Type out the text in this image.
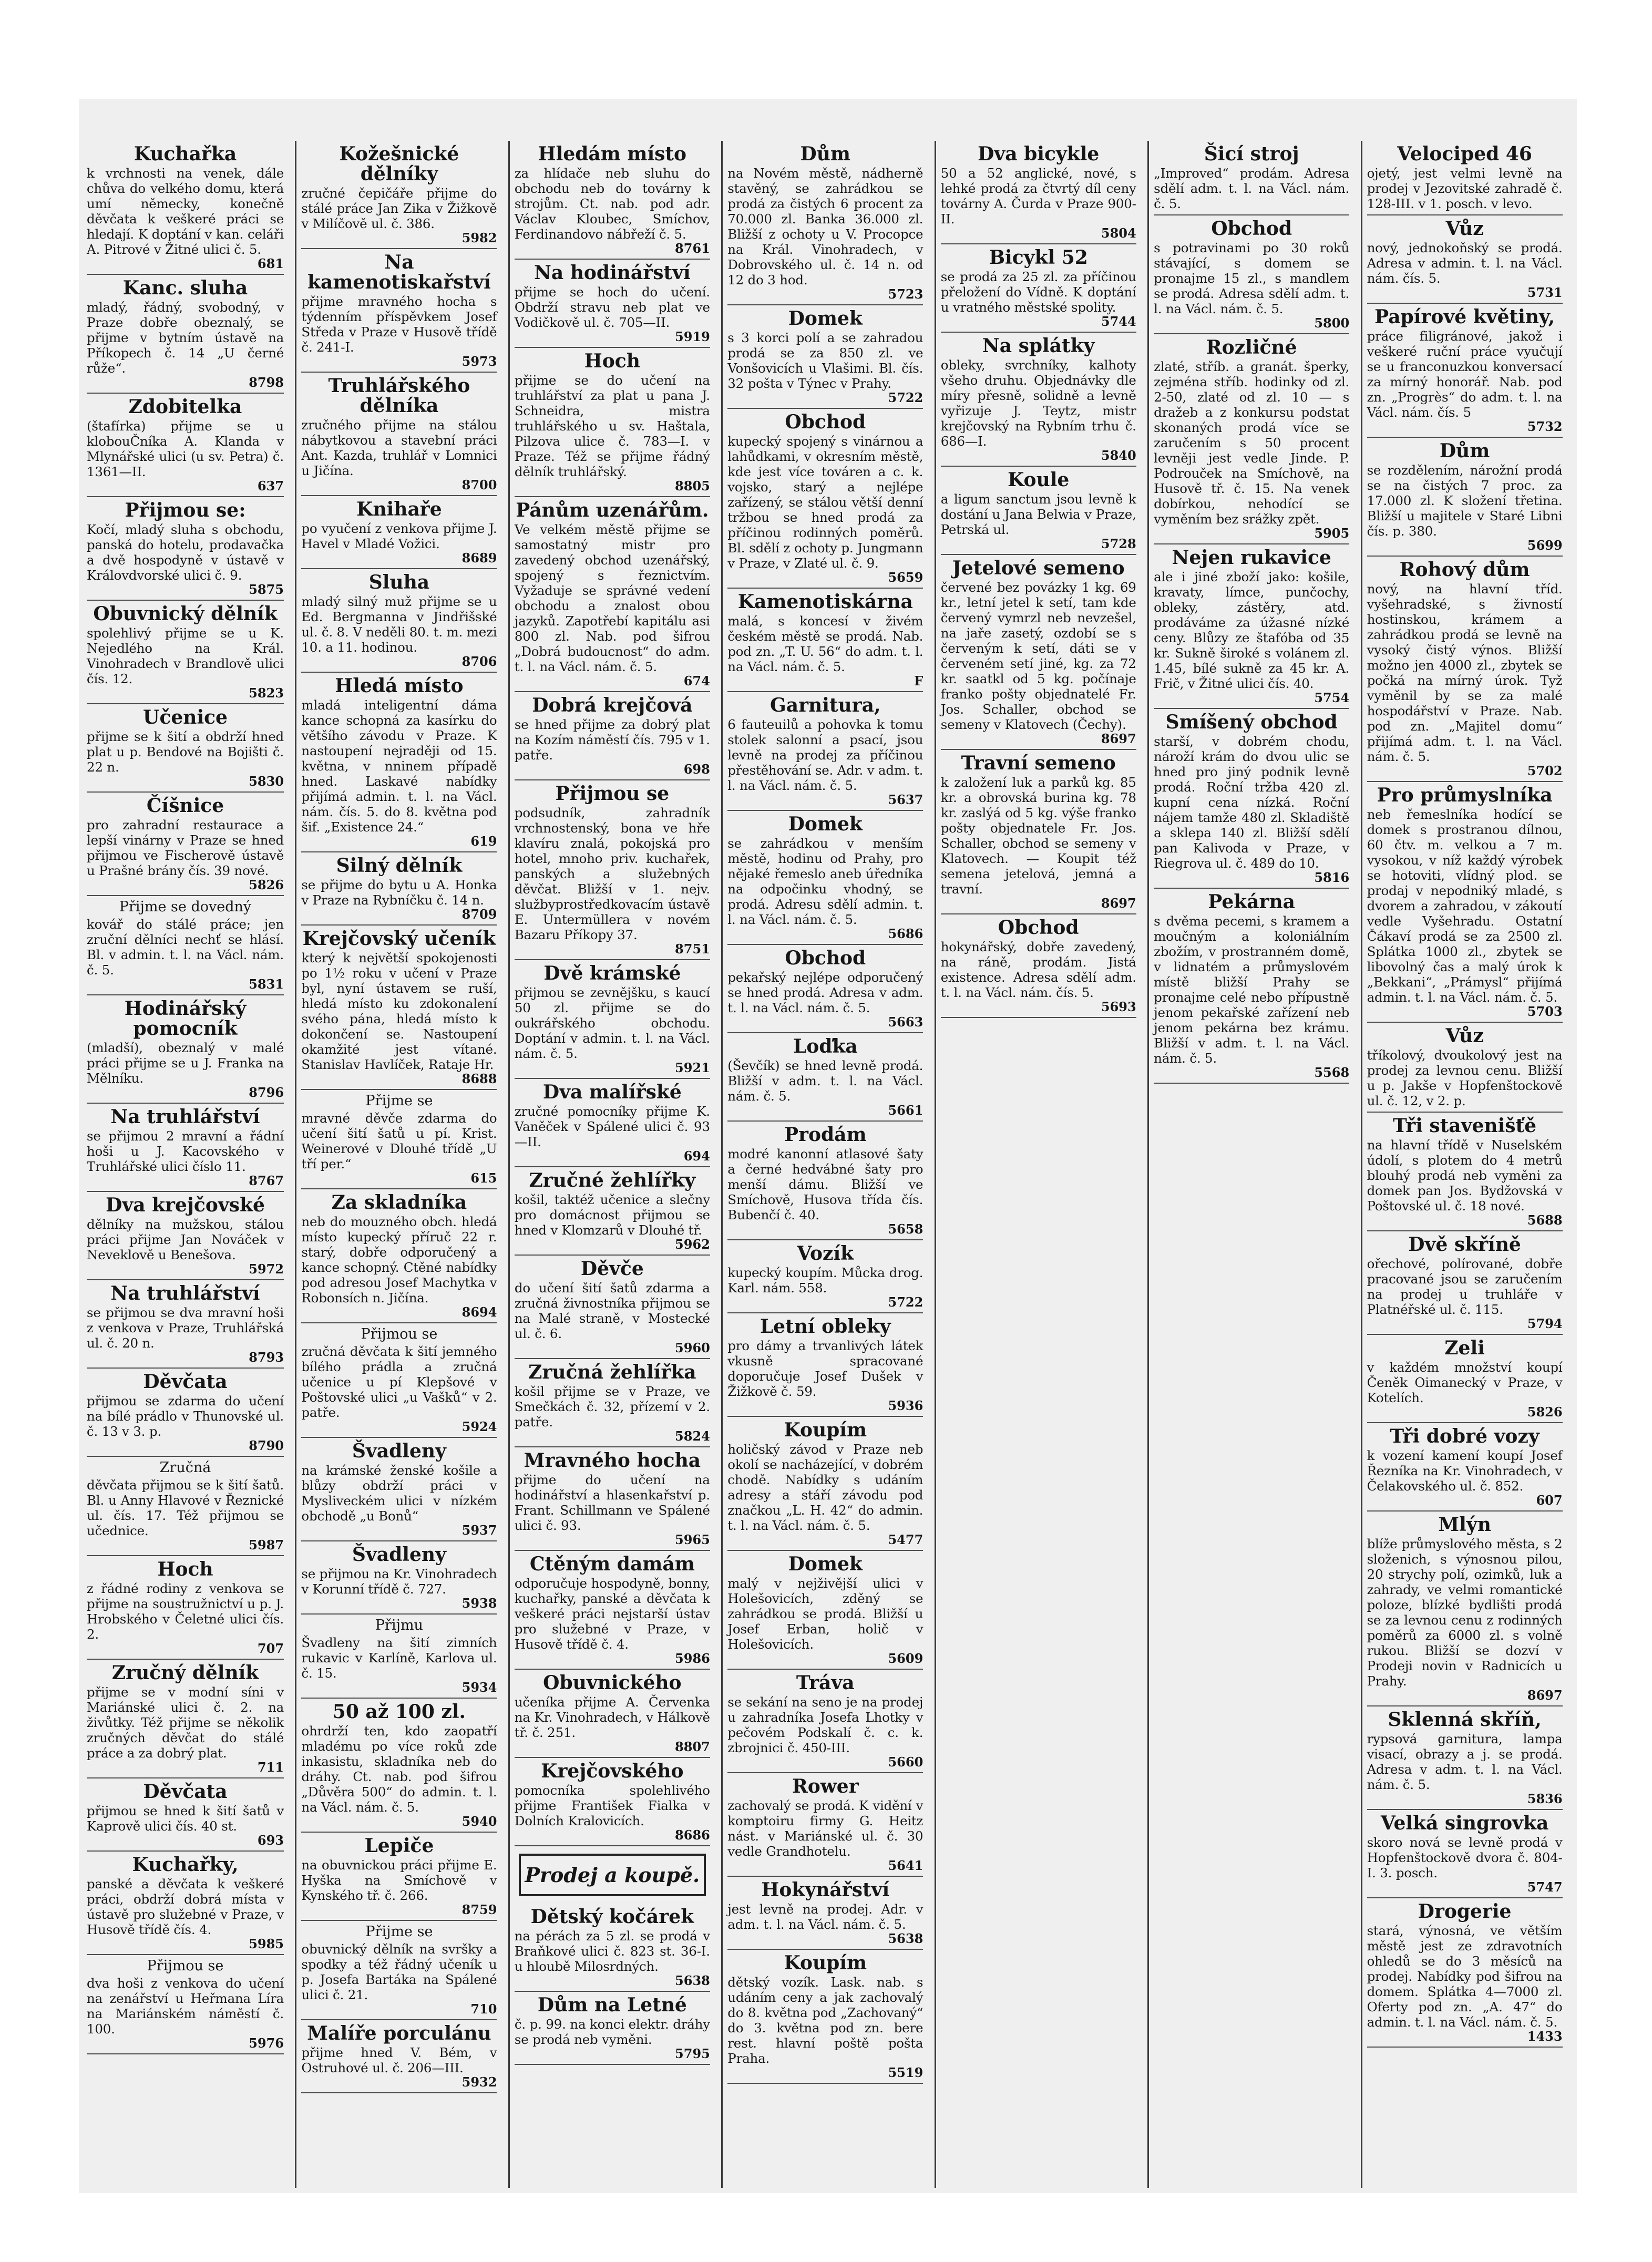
Kuchařka
k vrchnosti na venek, dále chůva do velkého domu, která umí německy, konečně děvčata k veškeré práci se hledají. K doptání v kan. celáři A. Pitrové v Žitné ulici č. 5.
681
Kanc. sluha
mladý, řádný, svobodný, v Praze dobře obeznalý, se přijme v bytním ústavě na Příkopech č. 14 „U černé růže“.
8798
Zdobitelka
(štafírka) přijme se u klobouČníka A. Klanda v Mlynářské ulici (u sv. Petra) č. 1361—II.
637
Přijmou se:
Kočí, mladý sluha s obchodu, panská do hotelu, prodavačka a dvě hospodyně v ústavě v Královdvorské ulici č. 9.
5875
Obuvnický dělník
spolehlivý přijme se u K. Nejedlého na Král. Vinohradech v Brandlově ulici čís. 12.
5823
Učenice
přijme se k šití a obdrží hned plat u p. Bendové na Bojišti č. 22 n.
5830
Číšnice
pro zahradní restaurace a lepší vinárny v Praze se hned přijmou ve Fischerově ústavě u Prašné brány čís. 39 nové.
5826
Přijme se dovedný
kovář do stálé práce; jen zruční dělníci nechť se hlásí. Bl. v admin. t. l. na Václ. nám. č. 5.
5831
Hodinářský pomocník
(mladší), obeznalý v malé práci přijme se u J. Franka na Mělníku.
8796
Na truhlářství
se přijmou 2 mravní a řádní hoši u J. Kacovského v Truhlářské ulici číslo 11.
8767
Dva krejčovské
dělníky na mužskou, stálou práci přijme Jan Nováček v Neveklově u Benešova.
5972
Na truhlářství
se přijmou se dva mravní hoši z venkova v Praze, Truhlářská ul. č. 20 n.
8793
Děvčata
přijmou se zdarma do učení na bílé prádlo v Thunovské ul. č. 13 v 3. p.
8790
Zručná
děvčata přijmou se k šití šatů. Bl. u Anny Hlavové v Řeznické ul. čís. 17. Též přijmou se učednice.
5987
Hoch
z řádné rodiny z venkova se přijme na soustružnictví u p. J. Hrobského v Čeletné ulici čís. 2.
707
Zručný dělník
přijme se v modní síni v Mariánské ulici č. 2. na živůtky. Též přijme se několik zručných děvčat do stálé práce a za dobrý plat.
711
Děvčata
přijmou se hned k šití šatů v Kaprově ulici čís. 40 st.
693
Kuchařky,
panské a děvčata k veškeré práci, obdrží dobrá místa v ústavě pro služebné v Praze, v Husově třídě čís. 4.
5985
Přijmou se
dva hoši z venkova do učení na zenářství u Heřmana Líra na Mariánském náměstí č. 100.
5976
Kožešnické dělníky
zručné čepičáře přijme do stálé práce Jan Zika v Žižkově v Milíčově ul. č. 386.
5982
Na kamenotiskařství
přijme mravného hocha s týdenním příspěvkem Josef Středa v Praze v Husově třídě č. 241-I.
5973
Truhlářského dělníka
zručného přijme na stálou nábytkovou a stavební práci Ant. Kazda, truhlář v Lomnici u Jičína.
8700
Knihaře
po vyučení z venkova přijme J. Havel v Mladé Vožici.
8689
Sluha
mladý silný muž přijme se u Ed. Bergmanna v Jindřišské ul. č. 8. V neděli 80. t. m. mezi 10. a 11. hodinou.
8706
Hledá místo
mladá inteligentní dáma kance schopná za kasírku do většího závodu v Praze. K nastoupení nejraději od 15. května, v nninem případě hned. Laskavé nabídky přijímá admin. t. l. na Václ. nám. čís. 5. do 8. května pod šif. „Existence 24.“
619
Silný dělník
se přijme do bytu u A. Honka v Praze na Rybníčku č. 14 n.
8709
Krejčovský učeník
který k největší spokojenosti po 1½ roku v učení v Praze byl, nyní ústavem se ruší, hledá místo ku zdokonalení svého pána, hledá místo k dokončení se. Nastoupení okamžité jest vítané. Stanislav Havlíček, Rataje Hr.
8688
Přijme se
mravné děvče zdarma do učení šití šatů u pí. Krist. Weinerové v Dlouhé třídě „U tří per.“
615
Za skladníka
neb do mouzného obch. hledá místo kupecký příruč 22 r. starý, dobře odporučený a kance schopný. Ctěné nabídky pod adresou Josef Machytka v Robonsích n. Jičína.
8694
Přijmou se
zručná děvčata k šití jemného bílého prádla a zručná učenice u pí Klepšové v Poštovské ulici „u Vašků“ v 2. patře.
5924
Švadleny
na krámské ženské košile a blůzy obdrží práci v Mysliveckém ulici v nízkém obchodě „u Bonů“
5937
Švadleny
se přijmou na Kr. Vinohradech v Korunní třídě č. 727.
5938
Přijmu
Švadleny na šití zimních rukavic v Karlíně, Karlova ul. č. 15.
5934
50 až 100 zl.
ohrdrží ten, kdo zaopatří mladému po více roků zde inkasistu, skladníka neb do dráhy. Ct. nab. pod šifrou „Důvěra 500“ do admin. t. l. na Václ. nám. č. 5.
5940
Lepiče
na obuvnickou práci přijme E. Hyška na Smíchově v Kynského tř. č. 266.
8759
Přijme se
obuvnický dělník na svršky a spodky a též řádný učeník u p. Josefa Bartáka na Spálené ulici č. 21.
710
Malíře porculánu
přijme hned V. Bém, v Ostruhové ul. č. 206—III.
5932
Hledám místo
za hlídače neb sluhu do obchodu neb do továrny k strojům. Ct. nab. pod adr. Václav Kloubec, Smíchov, Ferdinandovo nábřeží č. 5.
8761
Na hodinářství
přijme se hoch do učení. Obdrží stravu neb plat ve Vodičkově ul. č. 705—II.
5919
Hoch
přijme se do učení na truhlářství za plat u pana J. Schneidra, mistra truhlářského u sv. Haštala, Pilzova ulice č. 783—I. v Praze. Též se přijme řádný dělník truhlářský.
8805
Pánům uzenářům.
Ve velkém městě přijme se samostatný mistr pro zavedený obchod uzenářský, spojený s řeznictvím. Vyžaduje se správné vedení obchodu a znalost obou jazyků. Zapotřebí kapitálu asi 800 zl. Nab. pod šifrou „Dobrá budoucnost“ do adm. t. l. na Václ. nám. č. 5.
674
Dobrá krejčová
se hned přijme za dobrý plat na Kozím náměstí čís. 795 v 1. patře.
698
Přijmou se
podsudník, zahradník vrchnostenský, bona ve hře klavíru znalá, pokojská pro hotel, mnoho priv. kuchařek, panských a služebných děvčat. Bližší v 1. nejv. službyprostředkovacím ústavě E. Untermüllera v novém Bazaru Příkopy 37.
8751
Dvě krámské
přijmou se zevnějšku, s kaucí 50 zl. přijme se do oukrářského obchodu. Doptání v admin. t. l. na Václ. nám. č. 5.
5921
Dva malířské
zručné pomocníky přijme K. Vaněček v Spálené ulici č. 93—II.
694
Zručné žehlířky
košil, taktéž učenice a slečny pro domácnost přijmou se hned v Klomzarů v Dlouhé tř.
5962
Děvče
do učení šití šatů zdarma a zručná živnostníka přijmou se na Malé straně, v Mostecké ul. č. 6.
5960
Zručná žehlířka
košil přijme se v Praze, ve Smečkách č. 32, přízemí v 2. patře.
5824
Mravného hocha
přijme do učení na hodinářství a hlasenkařství p. Frant. Schillmann ve Spálené ulici č. 93.
5965
Ctěným damám
odporučuje hospodyně, bonny, kuchařky, panské a děvčata k veškeré práci nejstarší ústav pro služebné v Praze, v Husově třídě č. 4.
5986
Obuvnického
učeníka přijme A. Červenka na Kr. Vinohradech, v Hálkově tř. č. 251.
8807
Krejčovského
pomocníka spolehlivého přijme František Fialka v Dolních Kralovicích.
8686
Prodej a koupě.
Dětský kočárek
na pérách za 5 zl. se prodá v Braňkové ulici č. 823 st. 36-I. u hloubě Milosrdných.
5638
Dům na Letné
č. p. 99. na konci elektr. dráhy se prodá neb vyměni.
5795
Dům
na Novém městě, nádherně stavěný, se zahrádkou se prodá za čistých 6 procent za 70.000 zl. Banka 36.000 zl. Bližší z ochoty u V. Procopce na Král. Vinohradech, v Dobrovského ul. č. 14 n. od 12 do 3 hod.
5723
Domek
s 3 korci polí a se zahradou prodá se za 850 zl. ve Vonšovicích u Vlašimi. Bl. čís. 32 pošta v Týnec v Prahy.
5722
Obchod
kupecký spojený s vinárnou a lahůdkami, v okresním městě, kde jest více továren a c. k. vojsko, starý a nejlépe zařízený, se stálou větší denní tržbou se hned prodá za příčinou rodinných poměrů. Bl. sdělí z ochoty p. Jungmann v Praze, v Zlaté ul. č. 9.
5659
Kamenotiskárna
malá, s koncesí v živém českém městě se prodá. Nab. pod zn. „T. U. 56“ do adm. t. l. na Václ. nám. č. 5.
F
Garnitura,
6 fauteuilů a pohovka k tomu stolek salonní a psací, jsou levně na prodej za příčinou přestěhování se. Adr. v adm. t. l. na Václ. nám. č. 5.
5637
Domek
se zahrádkou v menším městě, hodinu od Prahy, pro nějaké řemeslo aneb úředníka na odpočinku vhodný, se prodá. Adresu sdělí admin. t. l. na Václ. nám. č. 5.
5686
Obchod
pekařský nejlépe odporučený se hned prodá. Adresa v adm. t. l. na Václ. nám. č. 5.
5663
Loďka
(Ševčík) se hned levně prodá. Bližší v adm. t. l. na Václ. nám. č. 5.
5661
Prodám
modré kanonní atlasové šaty a černé hedvábné šaty pro menší dámu. Bližší ve Smíchově, Husova třída čís. Bubenčí č. 40.
5658
Vozík
kupecký koupím. Můcka drog. Karl. nám. 558.
5722
Letní obleky
pro dámy a trvanlivých látek vkusně spracované doporučuje Josef Dušek v Žižkově č. 59.
5936
Koupím
holičský závod v Praze neb okolí se nacházející, v dobrém chodě. Nabídky s udáním adresy a stáří závodu pod značkou „L. H. 42“ do admin. t. l. na Václ. nám. č. 5.
5477
Domek
malý v nejživější ulici v Holešovicích, zděný se zahrádkou se prodá. Bližší u Josef Erban, holič v Holešovicích.
5609
Tráva
se sekání na seno je na prodej u zahradníka Josefa Lhotky v pečovém Podskalí č. c. k. zbrojnici č. 450-III.
5660
Rower
zachovalý se prodá. K vidění v komptoiru firmy G. Heitz nást. v Mariánské ul. č. 30 vedle Grandhotelu.
5641
Hokynářství
jest levně na prodej. Adr. v adm. t. l. na Václ. nám. č. 5.
5638
Koupím
dětský vozík. Lask. nab. s udáním ceny a jak zachovalý do 8. května pod „Zachovaný“ do 3. května pod zn. bere rest. hlavní poště pošta Praha.
5519
Dva bicykle
50 a 52 anglické, nové, s lehké prodá za čtvrtý díl ceny továrny A. Čurda v Praze 900-II.
5804
Bicykl 52
se prodá za 25 zl. za příčinou přeložení do Vídně. K doptání u vratného městské spolity.
5744
Na splátky
obleky, svrchníky, kalhoty všeho druhu. Objednávky dle míry přesně, solidně a levně vyřizuje J. Teytz, mistr krejčovský na Rybním trhu č. 686—I.
5840
Koule
a ligum sanctum jsou levně k dostání u Jana Belwia v Praze, Petrská ul.
5728
Jetelové semeno
červené bez povázky 1 kg. 69 kr., letní jetel k setí, tam kde červený vymrzl neb nevzešel, na jaře zasetý, ozdobí se s červeným k setí, dáti se v červeném setí jiné, kg. za 72 kr. saatkl od 5 kg. počínaje franko pošty objednatelé Fr. Jos. Schaller, obchod se semeny v Klatovech (Čechy).
8697
Travní semeno
k založení luk a parků kg. 85 kr. a obrovská burina kg. 78 kr. zaslýá od 5 kg. výše franko pošty objednatele Fr. Jos. Schaller, obchod se semeny v Klatovech. — Koupit též semena jetelová, jemná a travní.
8697
Obchod
hokynářský, dobře zavedený, na ráně, prodám. Jistá existence. Adresa sdělí adm. t. l. na Václ. nám. čís. 5.
5693
Šicí stroj
„Improved“ prodám. Adresa sdělí adm. t. l. na Václ. nám. č. 5.
Obchod
s potravinami po 30 roků stávající, s domem se pronajme 15 zl., s mandlem se prodá. Adresa sdělí adm. t. l. na Václ. nám. č. 5.
5800
Rozličné
zlaté, stříb. a granát. šperky, zejména stříb. hodinky od zl. 2-50, zlaté od zl. 10 — s dražeb a z konkursu podstat skonaných prodá více se zaručením s 50 procent levněji jest vedle Jinde. P. Podrouček na Smíchově, na Husově tř. č. 15. Na venek dobírkou, nehodící se vyměním bez srážky zpět.
5905
Nejen rukavice
ale i jiné zboží jako: košile, kravaty, límce, punčochy, obleky, zástěry, atd. prodáváme za úžasné nízké ceny. Blůzy ze štafóba od 35 kr. Sukně široké s volánem zl. 1.45, bílé sukně za 45 kr. A. Frič, v Žitné ulici čís. 40.
5754
Smíšený obchod
starší, v dobrém chodu, nároží krám do dvou ulic se hned pro jiný podnik levně prodá. Roční tržba 420 zl. kupní cena nízká. Roční nájem tamže 480 zl. Skladiště a sklepa 140 zl. Bližší sdělí pan Kalivoda v Praze, v Riegrova ul. č. 489 do 10.
5816
Pekárna
s dvěma pecemi, s kramem a moučným a koloniálním zbožím, v prostranném domě, v lidnatém a průmyslovém místě bližší Prahy se pronajme celé nebo přípustně jenom pekařské zařízení neb jenom pekárna bez krámu. Bližší v adm. t. l. na Václ. nám. č. 5.
5568
Velociped 46
ojetý, jest velmi levně na prodej v Jezovitské zahradě č. 128-III. v 1. posch. v levo.
Vůz
nový, jednokoňský se prodá. Adresa v admin. t. l. na Václ. nám. čís. 5.
5731
Papírové květiny,
práce filigránové, jakož i veškeré ruční práce vyučují se u franconuzkou konversací za mírný honorář. Nab. pod zn. „Progrès“ do adm. t. l. na Václ. nám. čís. 5
5732
Dům
se rozdělením, nárožní prodá se na čistých 7 proc. za 17.000 zl. K složení třetina. Bližší u majitele v Staré Libni čís. p. 380.
5699
Rohový dům
nový, na hlavní tříd. vyšehradské, s živností hostinskou, krámem a zahrádkou prodá se levně na vysoký čistý výnos. Bližší možno jen 4000 zl., zbytek se počká na mírný úrok. Tyž vyměnil by se za malé hospodářství v Praze. Nab. pod zn. „Majitel domu“ přijímá adm. t. l. na Václ. nám. č. 5.
5702
Pro průmyslníka
neb řemeslníka hodící se domek s prostranou dílnou, 60 čtv. m. velkou a 7 m. vysokou, v níž každý výrobek se hotoviti, vlídný plod. se prodaj v nepodniký mladé, s dvorem a zahradou, v zákoutí vedle Vyšehradu. Ostatní Čákaví prodá se za 2500 zl. Splátka 1000 zl., zbytek se libovolný čas a malý úrok k „Bekkani“, „Prámysl“ přijímá admin. t. l. na Václ. nám. č. 5.
5703
Vůz
tříkolový, dvoukolový jest na prodej za levnou cenu. Bližší u p. Jakše v Hopfenštockově ul. č. 12, v 2. p.
Tři stavenišťě
na hlavní třídě v Nuselském údolí, s plotem do 4 metrů blouhý prodá neb vyměni za domek pan Jos. Bydžovská v Poštovské ul. č. 18 nové.
5688
Dvě skříně
ořechové, polírované, dobře pracované jsou se zaručením na prodej u truhláře v Platnéřské ul. č. 115.
5794
Zeli
v každém množství koupí Čeněk Oimanecký v Praze, v Kotelích.
5826
Tři dobré vozy
k vození kamení koupí Josef Řezníka na Kr. Vinohradech, v Čelakovského ul. č. 852.
607
Mlýn
blíže průmyslového města, s 2 složenich, s výnosnou pilou, 20 strychy polí, ozimků, luk a zahrady, ve velmi romantické poloze, blízké bydlišti prodá se za levnou cenu z rodinných poměrů za 6000 zl. s volně rukou. Bližší se dozví v Prodeji novin v Radnicích u Prahy.
8697
Sklenná skříň,
rypsová garnitura, lampa visací, obrazy a j. se prodá. Adresa v adm. t. l. na Václ. nám. č. 5.
5836
Velká singrovka
skoro nová se levně prodá v Hopfenštockově dvora č. 804-I. 3. posch.
5747
Drogerie
stará, výnosná, ve větším městě jest ze zdravotních ohledů se do 3 měsíců na prodej. Nabídky pod šifrou na domem. Splátka 4—7000 zl. Oferty pod zn. „A. 47“ do admin. t. l. na Václ. nám. č. 5.
1433
